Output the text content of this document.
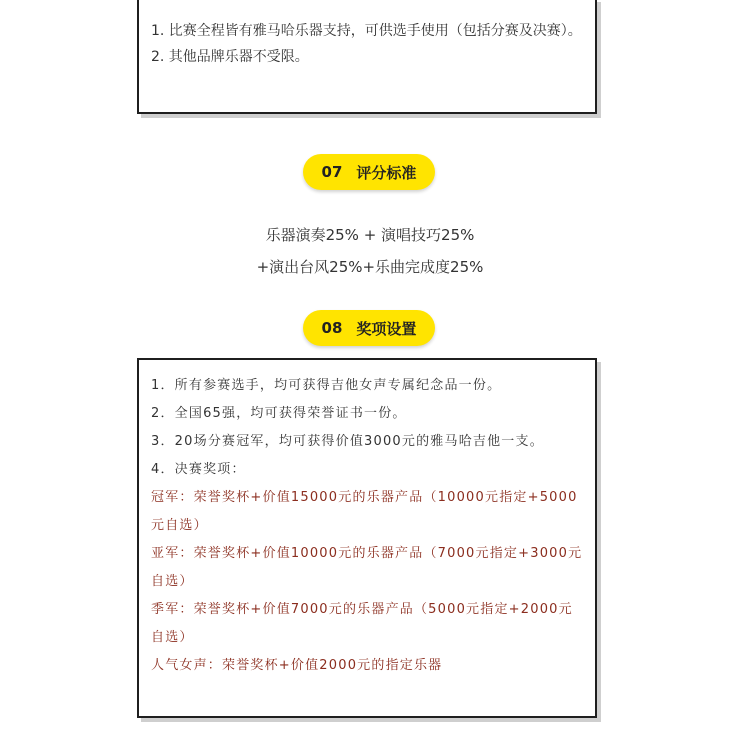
1. 比赛全程皆有雅马哈乐器支持，可供选手使用（包括分赛及决赛）。

2. 其他品牌乐器不受限。

07 评分标准
乐器演奏25% + 演唱技巧25%
+演出台风25%+乐曲完成度25%
08 奖项设置

1．所有参赛选手，均可获得吉他女声专属纪念品一份。

2．全国65强，均可获得荣誉证书一份。

3．20场分赛冠军，均可获得价值3000元的雅马哈吉他一支。

4．决赛奖项：

冠军：荣誉奖杯+价值15000元的乐器产品（10000元指定+5000元自选）

亚军：荣誉奖杯+价值10000元的乐器产品（7000元指定+3000元自选）

季军：荣誉奖杯+价值7000元的乐器产品（5000元指定+2000元自选）

人气女声：荣誉奖杯+价值2000元的指定乐器
